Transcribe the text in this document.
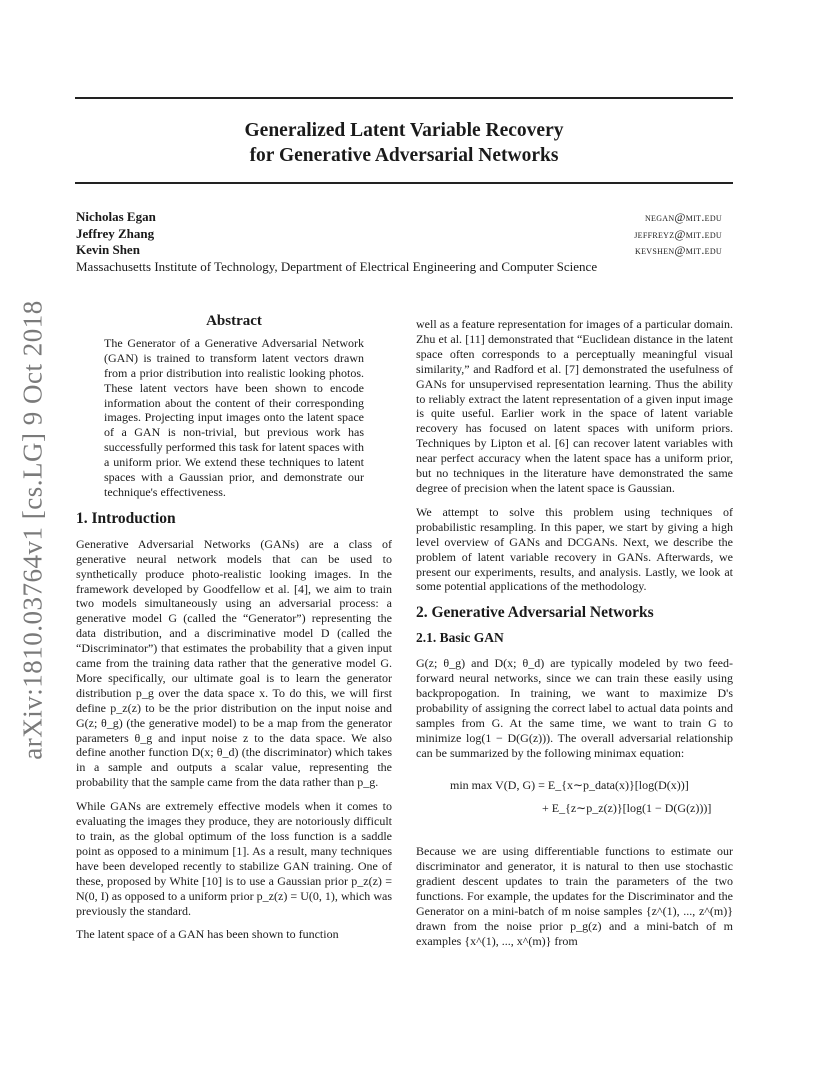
arXiv:1810.03764v1 [cs.LG] 9 Oct 2018
Generalized Latent Variable Recovery
for Generative Adversarial Networks
Nicholas Egan	negan@mit.edu
Jeffrey Zhang	jeffreyz@mit.edu
Kevin Shen	kevshen@mit.edu
Massachusetts Institute of Technology, Department of Electrical Engineering and Computer Science
Abstract

The Generator of a Generative Adversarial Network (GAN) is trained to transform latent vectors drawn from a prior distribution into realistic looking photos. These latent vectors have been shown to encode information about the content of their corresponding images. Projecting input images onto the latent space of a GAN is non-trivial, but previous work has successfully performed this task for latent spaces with a uniform prior. We extend these techniques to latent spaces with a Gaussian prior, and demonstrate our technique's effectiveness.

1. Introduction

Generative Adversarial Networks (GANs) are a class of generative neural network models that can be used to synthetically produce photo-realistic looking images. In the framework developed by Goodfellow et al. [4], we aim to train two models simultaneously using an adversarial process: a generative model G (called the “Generator”) representing the data distribution, and a discriminative model D (called the “Discriminator”) that estimates the probability that a given input came from the training data rather that the generative model G. More specifically, our ultimate goal is to learn the generator distribution p_g over the data space x. To do this, we will first define p_z(z) to be the prior distribution on the input noise and G(z; θ_g) (the generative model) to be a map from the generator parameters θ_g and input noise z to the data space. We also define another function D(x; θ_d) (the discriminator) which takes in a sample and outputs a scalar value, representing the probability that the sample came from the data rather than p_g.

While GANs are extremely effective models when it comes to evaluating the images they produce, they are notoriously difficult to train, as the global optimum of the loss function is a saddle point as opposed to a minimum [1]. As a result, many techniques have been developed recently to stabilize GAN training. One of these, proposed by White [10] is to use a Gaussian prior p_z(z) = N(0, I) as opposed to a uniform prior p_z(z) = U(0, 1), which was previously the standard.

The latent space of a GAN has been shown to function

well as a feature representation for images of a particular domain. Zhu et al. [11] demonstrated that “Euclidean distance in the latent space often corresponds to a perceptually meaningful visual similarity,” and Radford et al. [7] demonstrated the usefulness of GANs for unsupervised representation learning. Thus the ability to reliably extract the latent representation of a given input image is quite useful. Earlier work in the space of latent variable recovery has focused on latent spaces with uniform priors. Techniques by Lipton et al. [6] can recover latent variables with near perfect accuracy when the latent space has a uniform prior, but no techniques in the literature have demonstrated the same degree of precision when the latent space is Gaussian.

We attempt to solve this problem using techniques of probabilistic resampling. In this paper, we start by giving a high level overview of GANs and DCGANs. Next, we describe the problem of latent variable recovery in GANs. Afterwards, we present our experiments, results, and analysis. Lastly, we look at some potential applications of the methodology.

2. Generative Adversarial Networks
2.1. Basic GAN

G(z; θ_g) and D(x; θ_d) are typically modeled by two feed-forward neural networks, since we can train these easily using backpropogation. In training, we want to maximize D's probability of assigning the correct label to actual data points and samples from G. At the same time, we want to train G to minimize log(1 − D(G(z))). The overall adversarial relationship can be summarized by the following minimax equation:

min max V(D, G) = E_{x∼p_data(x)}[log(D(x))]
+ E_{z∼p_z(z)}[log(1 − D(G(z)))]

Because we are using differentiable functions to estimate our discriminator and generator, it is natural to then use stochastic gradient descent updates to train the parameters of the two functions. For example, the updates for the Discriminator and the Generator on a mini-batch of m noise samples {z^(1), ..., z^(m)} drawn from the noise prior p_g(z) and a mini-batch of m examples {x^(1), ..., x^(m)} from
